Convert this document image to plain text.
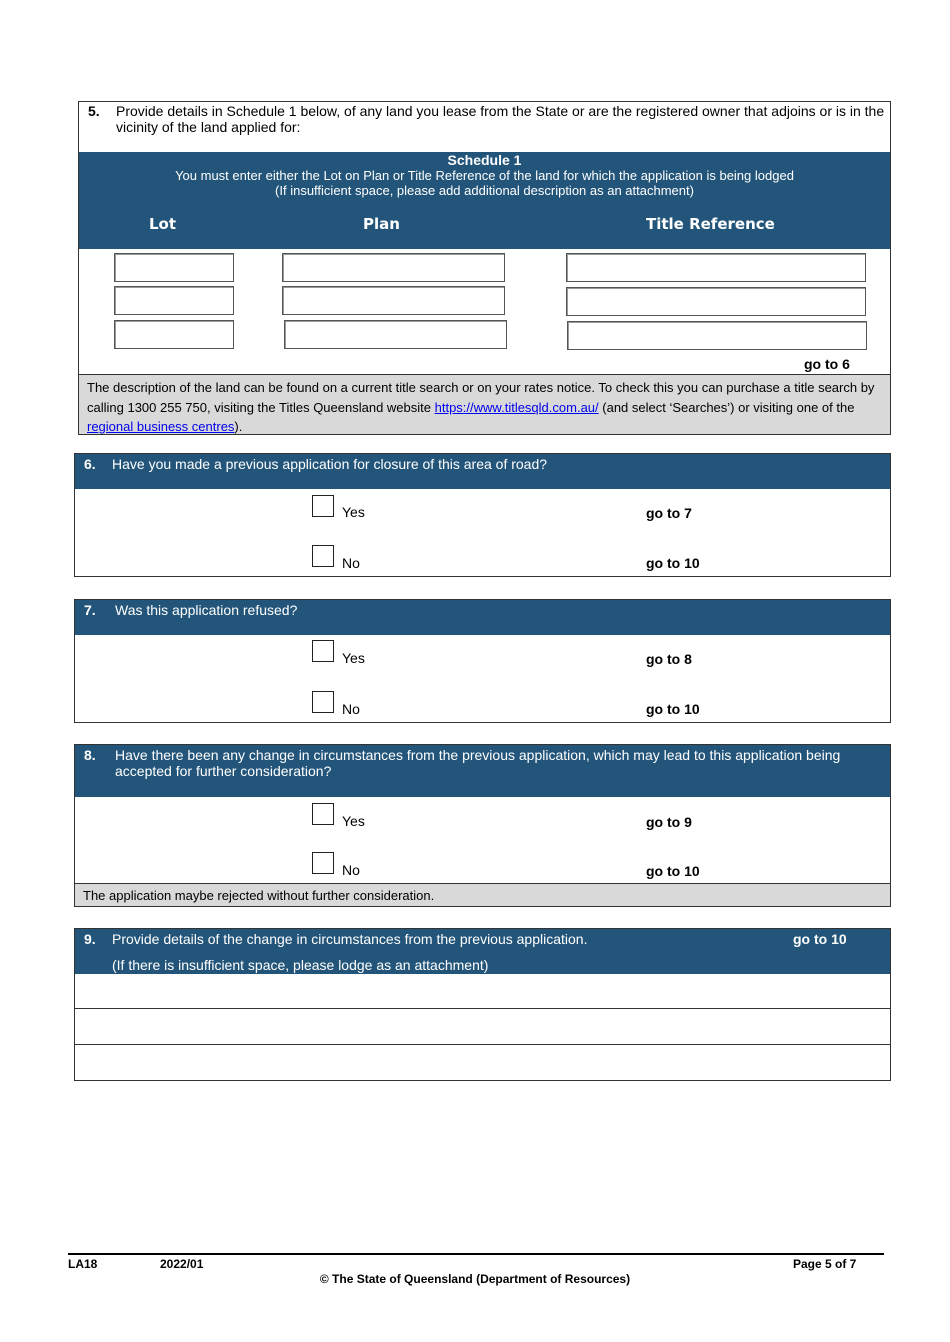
5. Provide details in Schedule 1 below, of any land you lease from the State or are the registered owner that adjoins or is in the vicinity of the land applied for:
Schedule 1
You must enter either the Lot on Plan or Title Reference of the land for which the application is being lodged
(If insufficient space, please add additional description as an attachment)
Lot	Plan	Title Reference
go to 6
The description of the land can be found on a current title search or on your rates notice. To check this you can purchase a title search by calling 1300 255 750, visiting the Titles Queensland website https://www.titlesqld.com.au/ (and select ‘Searches’) or visiting one of the regional business centres).
6. Have you made a previous application for closure of this area of road?
Yes	go to 7
No	go to 10
7. Was this application refused?
Yes	go to 8
No	go to 10
8. Have there been any change in circumstances from the previous application, which may lead to this application being accepted for further consideration?
Yes	go to 9
No	go to 10
The application maybe rejected without further consideration.
9. Provide details of the change in circumstances from the previous application.	go to 10
(If there is insufficient space, please lodge as an attachment)
LA18	2022/01	Page 5 of 7
© The State of Queensland (Department of Resources)
